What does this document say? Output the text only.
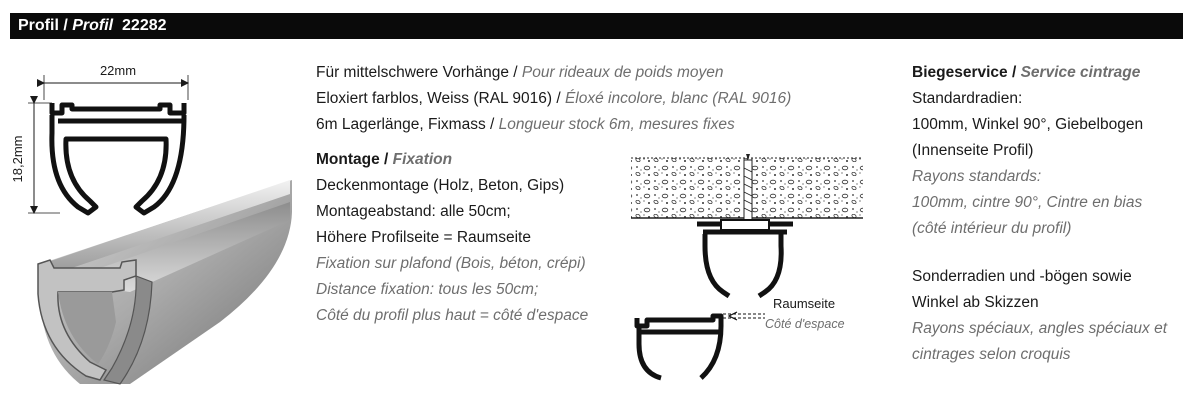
Profil / Profil 22282
22mm
18,2mm
Für mittelschwere Vorhänge / Pour rideaux de poids moyen
Eloxiert farblos, Weiss (RAL 9016) / Éloxé incolore, blanc (RAL 9016)
6m Lagerlänge, Fixmass / Longueur stock 6m, mesures fixes
Montage / Fixation
Deckenmontage (Holz, Beton, Gips)
Montageabstand: alle 50cm;
Höhere Profilseite = Raumseite
Fixation sur plafond (Bois, béton, crépi)
Distance fixation: tous les 50cm;
Côté du profil plus haut = côté d'espace
Raumseite
Côté d'espace
Biegeservice / Service cintrage
Standardradien:
100mm, Winkel 90°, Giebelbogen
(Innenseite Profil)
Rayons standards:
100mm, cintre 90°, Cintre en bias
(côté intérieur du profil)
Sonderradien und -bögen sowie
Winkel ab Skizzen
Rayons spéciaux, angles spéciaux et
cintrages selon croquis
